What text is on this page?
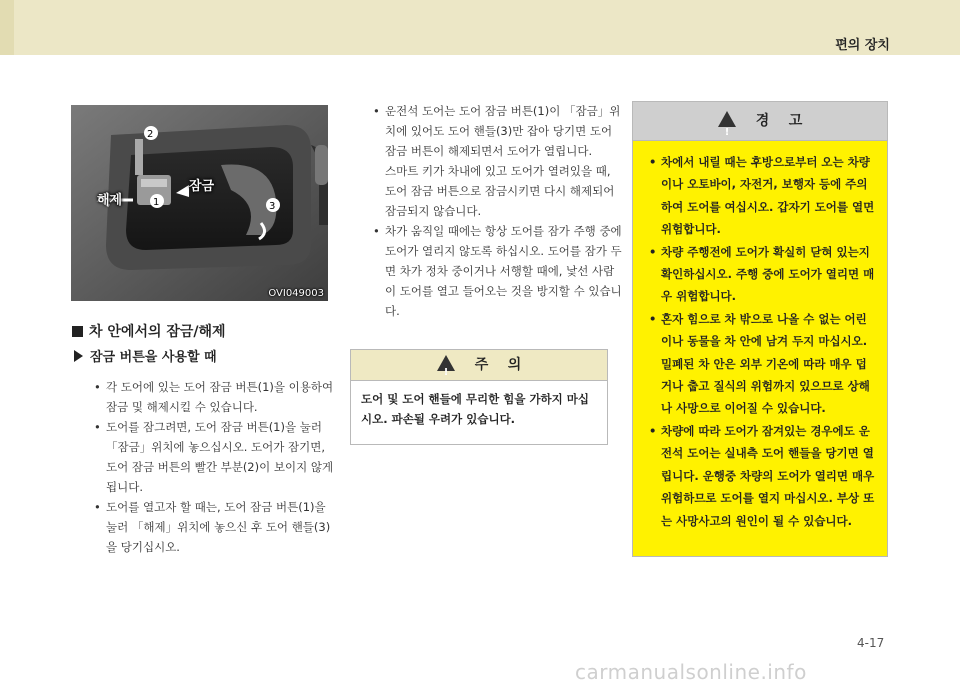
편의 장치
2
1	3
해제
잠금
OVI049003
차 안에서의 잠금/해제
잠금 버튼을 사용할 때
• 각 도어에 있는 도어 잠금 버튼(1)을 이용하여 잠금 및 해제시킬 수 있습니다.
• 도어를 잠그려면, 도어 잠금 버튼(1)을 눌러 「잠금」위치에 놓으십시오. 도어가 잠기면, 도어 잠금 버튼의 빨간 부분(2)이 보이지 않게 됩니다.
• 도어를 열고자 할 때는, 도어 잠금 버튼(1)을 눌러 「해제」위치에 놓으신 후 도어 핸들(3)을 당기십시오.
• 운전석 도어는 도어 잠금 버튼(1)이 「잠금」위치에 있어도 도어 핸들(3)만 잡아 당기면 도어 잠금 버튼이 해제되면서 도어가 열립니다.

스마트 키가 차내에 있고 도어가 열려있을 때, 도어 잠금 버튼으로 잠금시키면 다시 해제되어 잠금되지 않습니다.

• 차가 움직일 때에는 항상 도어를 잠가 주행 중에 도어가 열리지 않도록 하십시오. 도어를 잠가 두면 차가 정차 중이거나 서행할 때에, 낯선 사람이 도어를 열고 들어오는 것을 방지할 수 있습니다.
! 주    의
도어 및 도어 핸들에 무리한 힘을 가하지 마십시오. 파손될 우려가 있습니다.
!
경    고
• 차에서 내릴 때는 후방으로부터 오는 차량이나 오토바이, 자전거, 보행자 등에 주의하여 도어를 여십시오. 갑자기 도어를 열면 위험합니다.
• 차량 주행전에 도어가 확실히 닫혀 있는지 확인하십시오. 주행 중에 도어가 열리면 매우 위험합니다.
• 혼자 힘으로 차 밖으로 나올 수 없는 어린이나 동물을 차 안에 남겨 두지 마십시오. 밀폐된 차 안은 외부 기온에 따라 매우 덥거나 춥고 질식의 위험까지 있으므로 상해나 사망으로 이어질 수 있습니다.
• 차량에 따라 도어가 잠겨있는 경우에도 운전석 도어는 실내측 도어 핸들을 당기면 열립니다. 운행중 차량의 도어가 열리면 매우 위험하므로 도어를 열지 마십시오. 부상 또는 사망사고의 원인이 될 수 있습니다.
4-17
carmanualsonline.info
